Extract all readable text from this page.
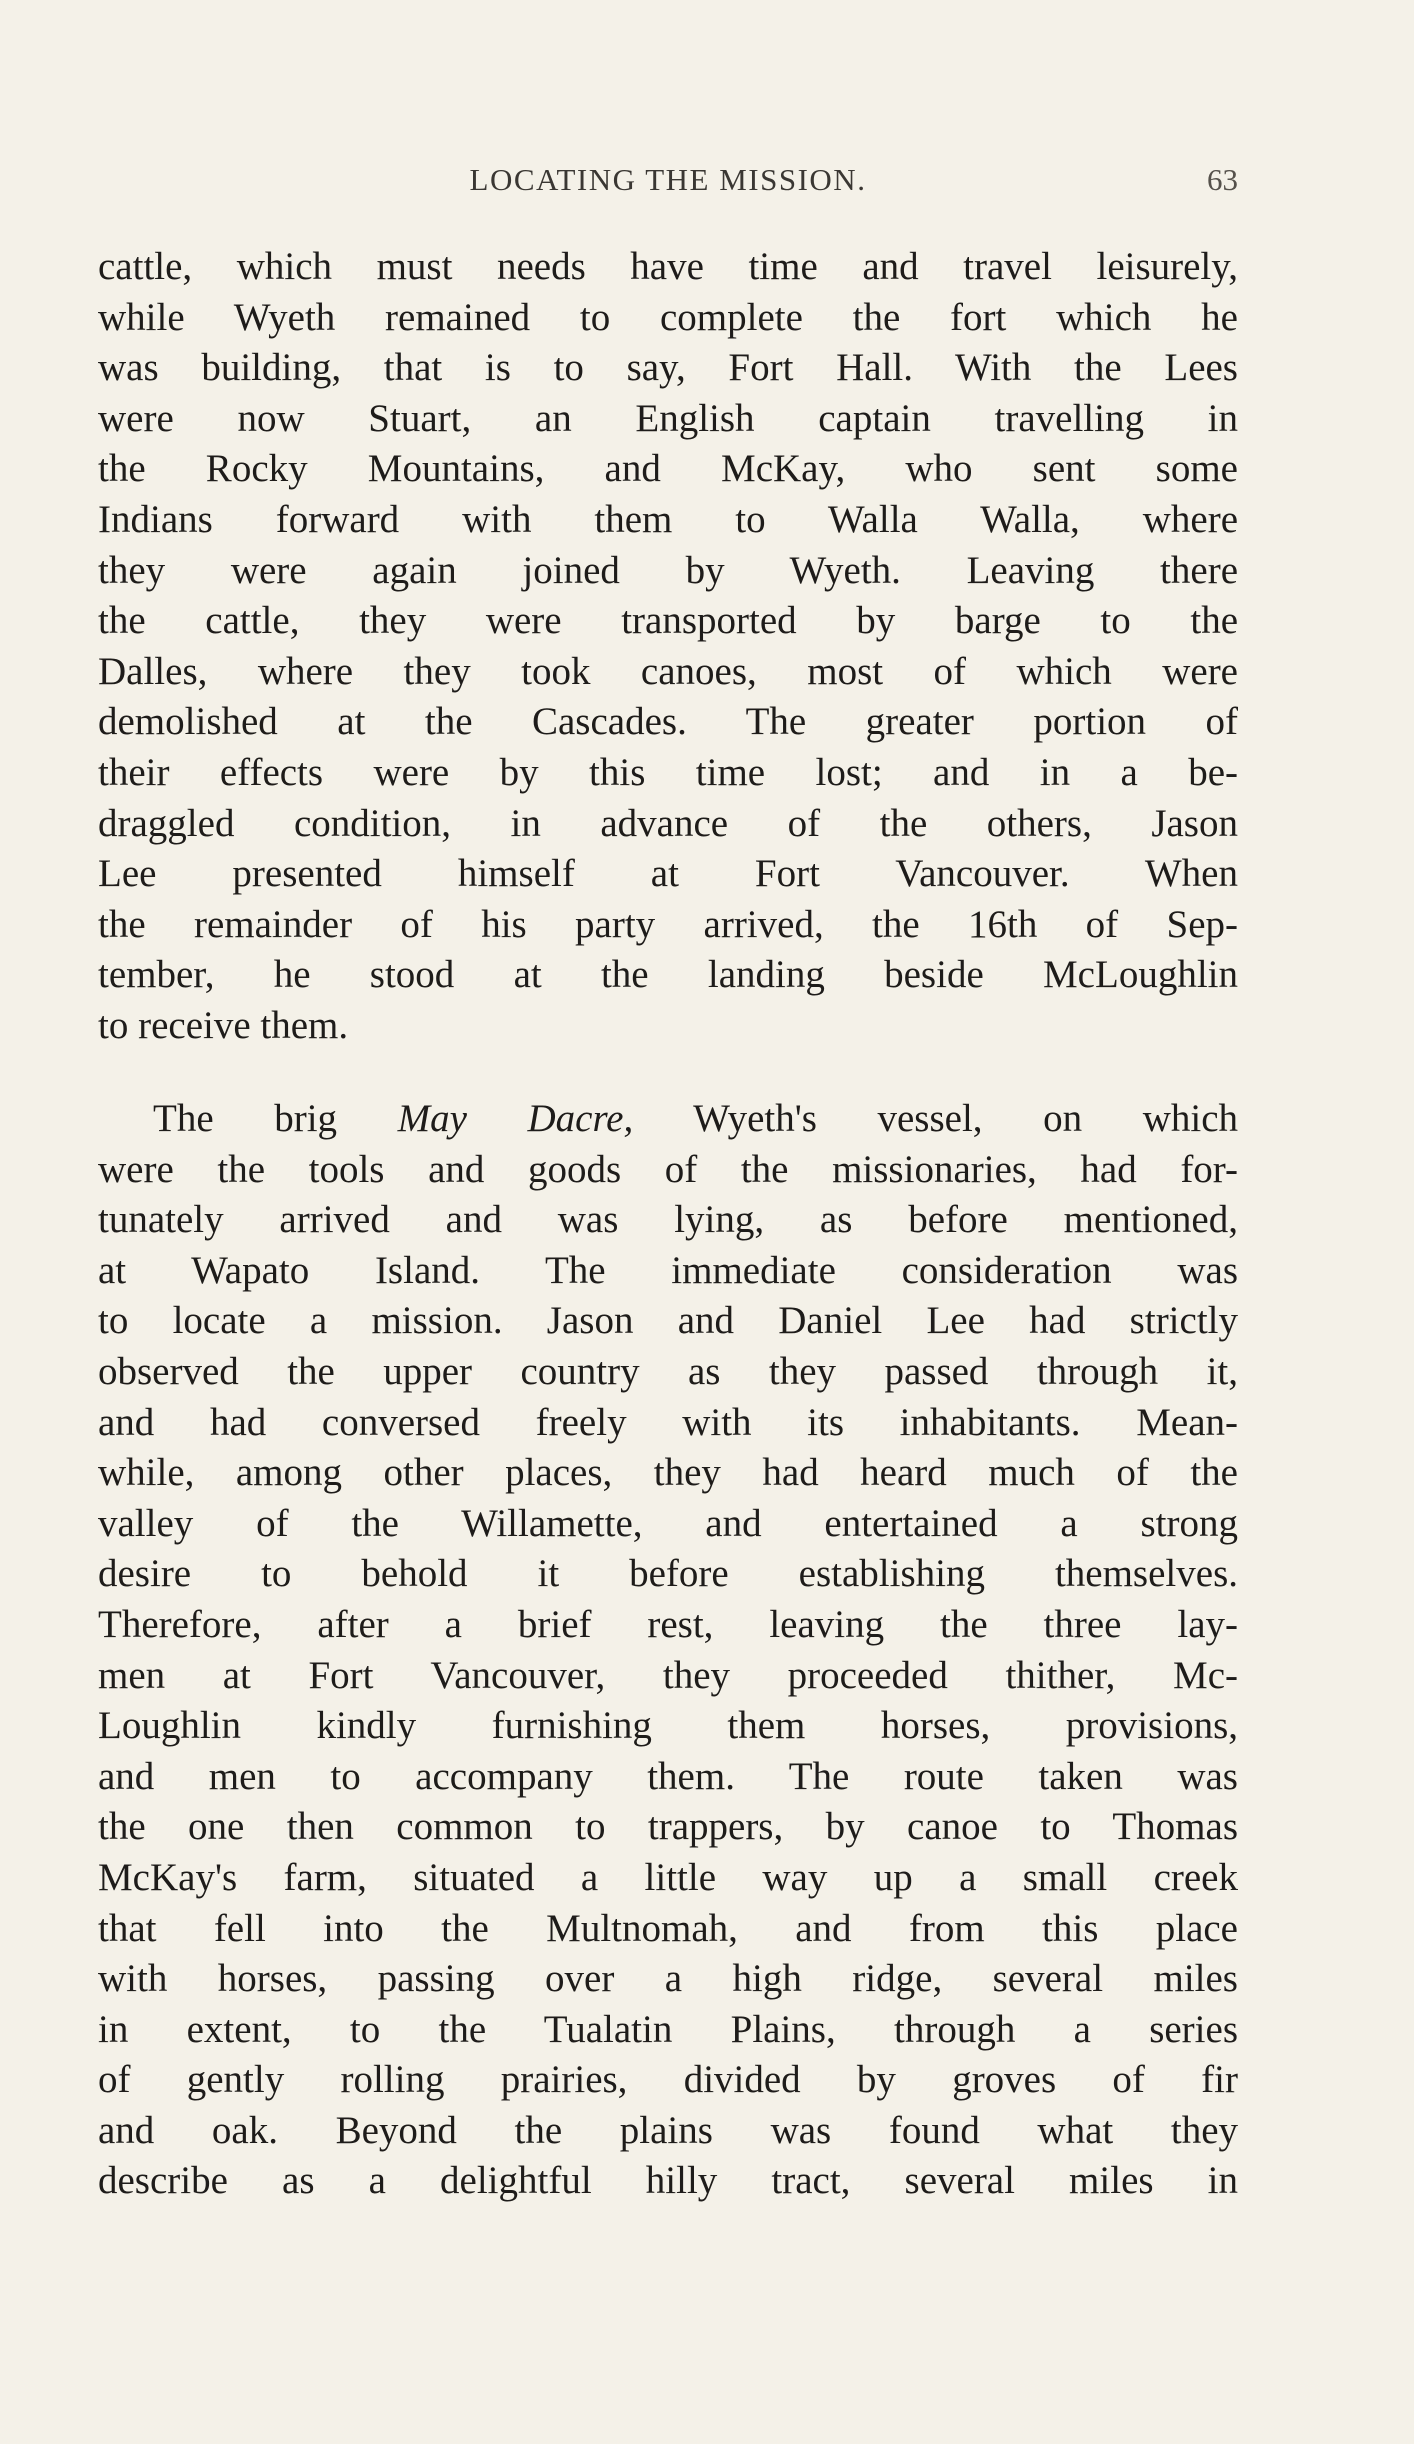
LOCATING THE MISSION.	63
cattle, which must needs have time and travel leisurely,
while Wyeth remained to complete the fort which he
was building, that is to say, Fort Hall. With the Lees
were now Stuart, an English captain travelling in
the Rocky Mountains, and McKay, who sent some
Indians forward with them to Walla Walla, where
they were again joined by Wyeth. Leaving there
the cattle, they were transported by barge to the
Dalles, where they took canoes, most of which were
demolished at the Cascades. The greater portion of
their effects were by this time lost; and in a be-
draggled condition, in advance of the others, Jason
Lee presented himself at Fort Vancouver. When
the remainder of his party arrived, the 16th of Sep-
tember, he stood at the landing beside McLoughlin
to receive them.
The brig May Dacre, Wyeth's vessel, on which
were the tools and goods of the missionaries, had for-
tunately arrived and was lying, as before mentioned,
at Wapato Island. The immediate consideration was
to locate a mission. Jason and Daniel Lee had strictly
observed the upper country as they passed through it,
and had conversed freely with its inhabitants. Mean-
while, among other places, they had heard much of the
valley of the Willamette, and entertained a strong
desire to behold it before establishing themselves.
Therefore, after a brief rest, leaving the three lay-
men at Fort Vancouver, they proceeded thither, Mc-
Loughlin kindly furnishing them horses, provisions,
and men to accompany them. The route taken was
the one then common to trappers, by canoe to Thomas
McKay's farm, situated a little way up a small creek
that fell into the Multnomah, and from this place
with horses, passing over a high ridge, several miles
in extent, to the Tualatin Plains, through a series
of gently rolling prairies, divided by groves of fir
and oak. Beyond the plains was found what they
describe as a delightful hilly tract, several miles in
